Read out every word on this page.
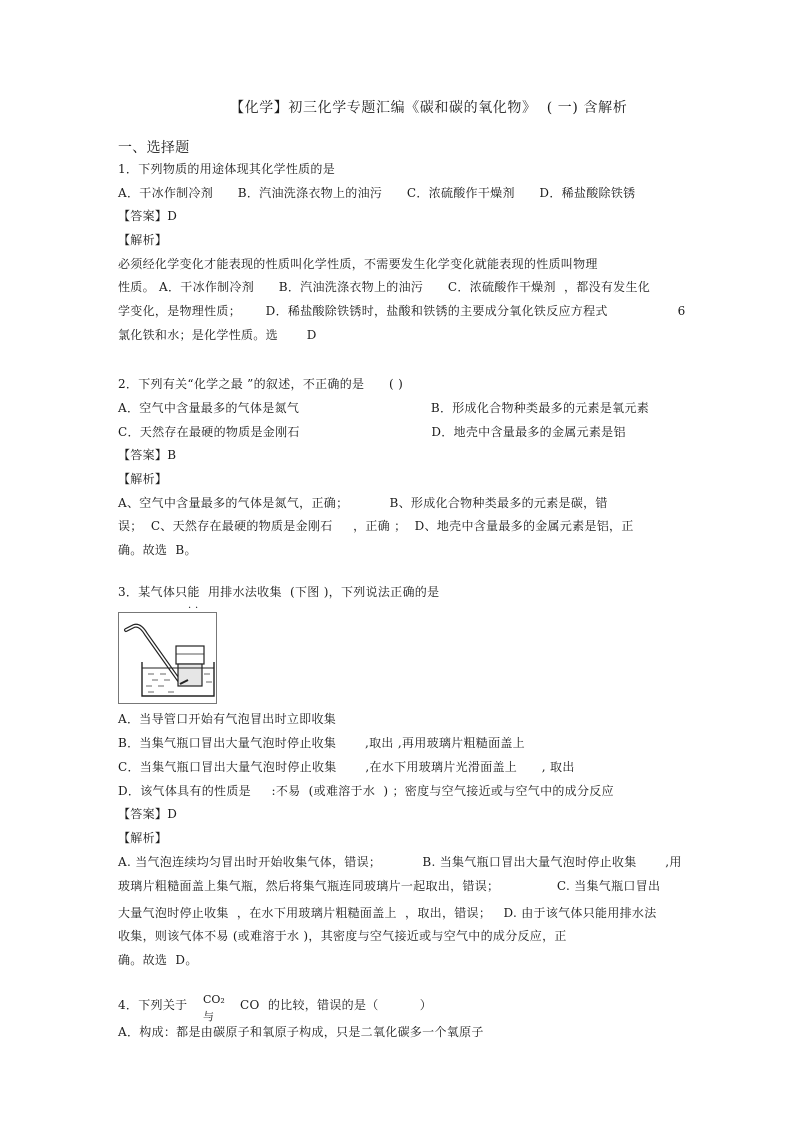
【化学】初三化学专题汇编《碳和碳的氧化物》  ( 一) 含解析
一、选择题
1．下列物质的用途体现其化学性质的是
A．干冰作制冷剂      B．汽油洗涤衣物上的油污      C．浓硫酸作干燥剂      D．稀盐酸除铁锈
【答案】D
【解析】
必须经化学变化才能表现的性质叫化学性质，不需要发生化学变化就能表现的性质叫物理
性质。 A．干冰作制冷剂      B．汽油洗涤衣物上的油污      C．浓硫酸作干燥剂  ，都没有发生化
学变化，是物理性质；      D．稀盐酸除铁锈时，盐酸和铁锈的主要成分氧化铁反应方程式                 6
氯化铁和水；是化学性质。选       D
2．下列有关“化学之最 ”的叙述，不正确的是      ( )
A．空气中含量最多的气体是氮气                                B．形成化合物种类最多的元素是氧元素
C．天然存在最硬的物质是金刚石                                D．地壳中含量最多的金属元素是铝
【答案】B
【解析】
A、空气中含量最多的气体是氮气，正确；          B、形成化合物种类最多的元素是碳，错
误；  C、天然存在最硬的物质是金刚石     ，正确 ；  D、地壳中含量最多的金属元素是铝，正
确。故选  B。
3．某气体只能  用排水法收集  (下图 )，下列说法正确的是
. .
A．当导管口开始有气泡冒出时立即收集
B．当集气瓶口冒出大量气泡时停止收集       ,取出 ,再用玻璃片粗糙面盖上
C．当集气瓶口冒出大量气泡时停止收集       ,在水下用玻璃片光滑面盖上      , 取出
D．该气体具有的性质是     :不易  (或难溶于水  ) ；密度与空气接近或与空气中的成分反应
【答案】D
【解析】
A. 当气泡连续均匀冒出时开始收集气体，错误；          B. 当集气瓶口冒出大量气泡时停止收集       ,用
玻璃片粗糙面盖上集气瓶，然后将集气瓶连同玻璃片一起取出，错误；              C. 当集气瓶口冒出
大量气泡时停止收集  ，在水下用玻璃片粗糙面盖上  ，取出，错误；   D. 由于该气体只能用排水法
收集，则该气体不易 (或难溶于水 )，其密度与空气接近或与空气中的成分反应，正
确。故选  D。
4．下列关于 CO₂
与
CO  的比较，错误的是（          ）
A．构成：都是由碳原子和氧原子构成，只是二氧化碳多一个氧原子
